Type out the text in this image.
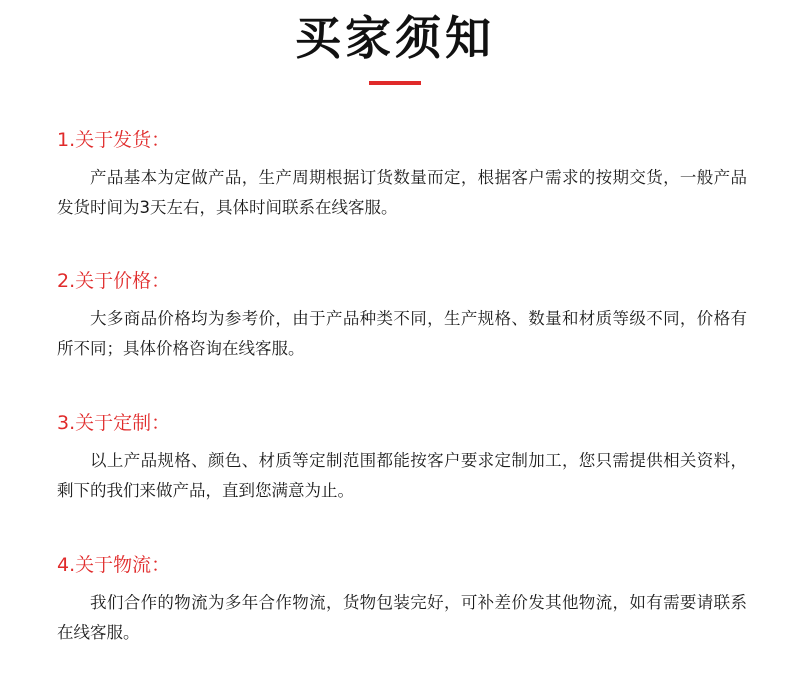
买家须知

1.关于发货：

产品基本为定做产品，生产周期根据订货数量而定，根据客户需求的按期交货，一般产品发货时间为3天左右，具体时间联系在线客服。

2.关于价格：

大多商品价格均为参考价，由于产品种类不同，生产规格、数量和材质等级不同，价格有所不同；具体价格咨询在线客服。

3.关于定制：

以上产品规格、颜色、材质等定制范围都能按客户要求定制加工，您只需提供相关资料，剩下的我们来做产品，直到您满意为止。

4.关于物流：

我们合作的物流为多年合作物流，货物包装完好，可补差价发其他物流，如有需要请联系在线客服。
